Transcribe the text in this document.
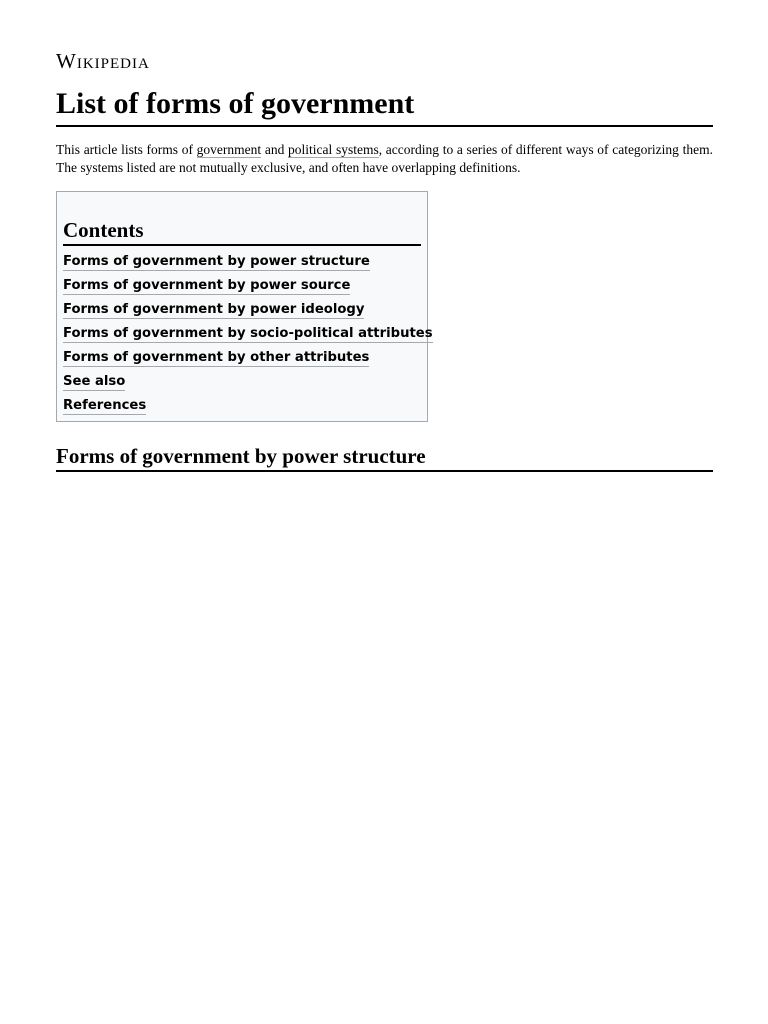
Wikipedia
List of forms of government

This article lists forms of government and political systems, according to a series of different ways of categorizing them. The systems listed are not mutually exclusive, and often have overlapping definitions.

Contents
Forms of government by power structure
Forms of government by power source
Forms of government by power ideology
Forms of government by socio-political attributes
Forms of government by other attributes
See also
References
Forms of government by power structure
